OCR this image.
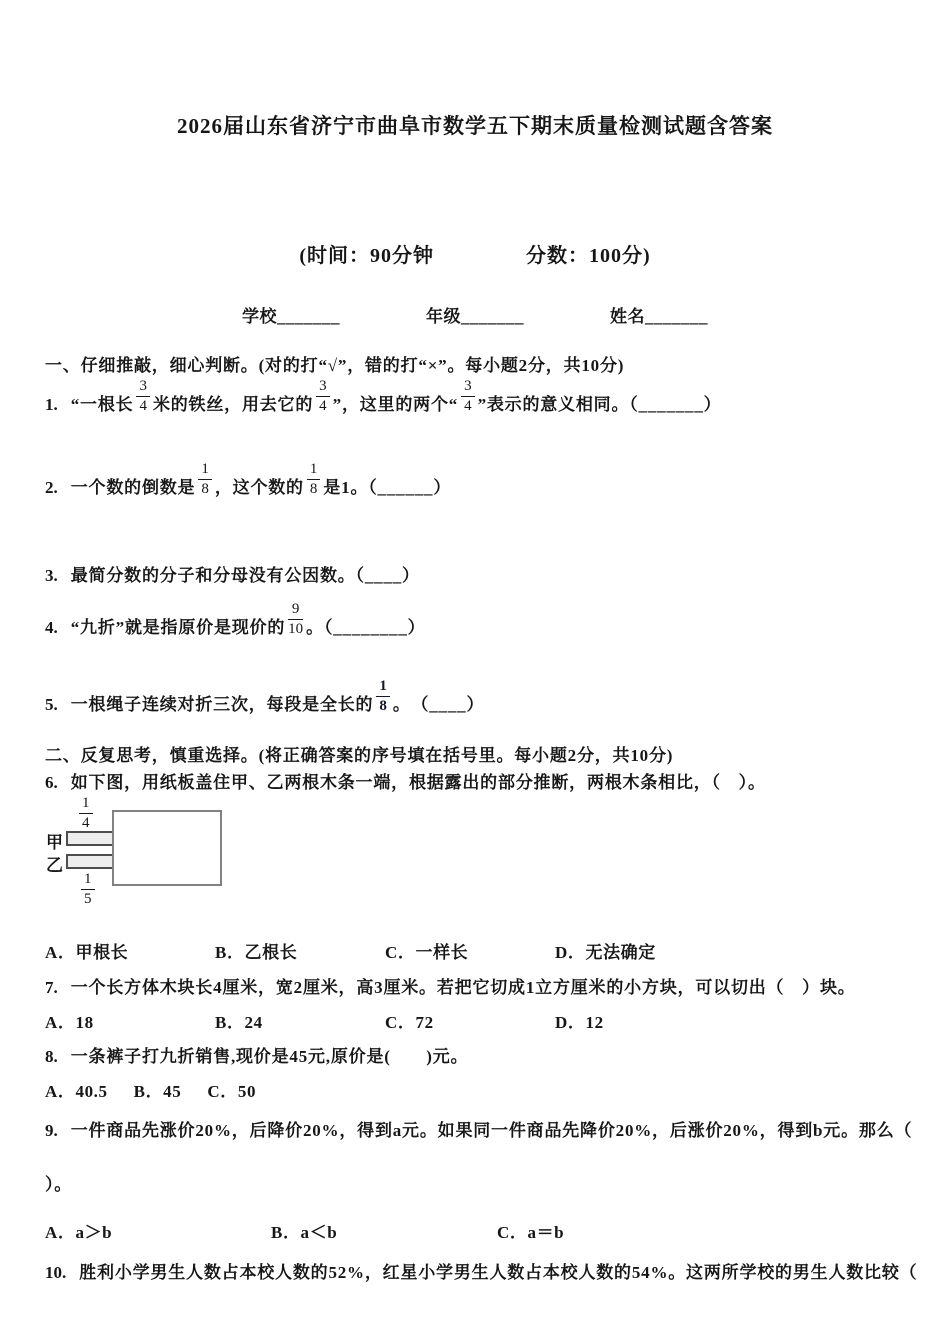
2026届山东省济宁市曲阜市数学五下期末质量检测试题含答案
(时间：90分钟	分数：100分)
学校_______	年级_______	姓名_______
一、仔细推敲，细心判断。(对的打“√”，错的打“×”。每小题2分，共10分)
1. “一根长 $\frac{3}{4}$ 米的铁丝，用去它的 $\frac{3}{4}$ ”，这里的两个“ $\frac{3}{4}$ ”表示的意义相同。（_______）
2. 一个数的倒数是 $\frac{1}{8}$ ，这个数的 $\frac{1}{8}$ 是1。（______）
3. 最简分数的分子和分母没有公因数。（____）
4. “九折”就是指原价是现价的 $\frac{9}{10}$ 。（________）
5. 一根绳子连续对折三次，每段是全长的 $\frac{1}{8}$ 。　（____）
二、反复思考，慎重选择。(将正确答案的序号填在括号里。每小题2分，共10分)
6. 如下图，用纸板盖住甲、乙两根木条一端，根据露出的部分推断，两根木条相比，（　）。
1
4
甲
乙
1
5
A．甲根长	B．乙根长	C．一样长	D．无法确定
7. 一个长方体木块长4厘米，宽2厘米，高3厘米。若把它切成1立方厘米的小方块，可以切出（　）块。
A．18	B．24	C．72	D．12
8. 一条裤子打九折销售,现价是45元,原价是(　　)元。
A．40.5 B．45 C．50
9. 一件商品先涨价20%，后降价20%，得到a元。如果同一件商品先降价20%，后涨价20%，得到b元。那么（
）。
A．a＞b	B．a＜b	C．a＝b
10. 胜利小学男生人数占本校人数的52%，红星小学男生人数占本校人数的54%。这两所学校的男生人数比较（
